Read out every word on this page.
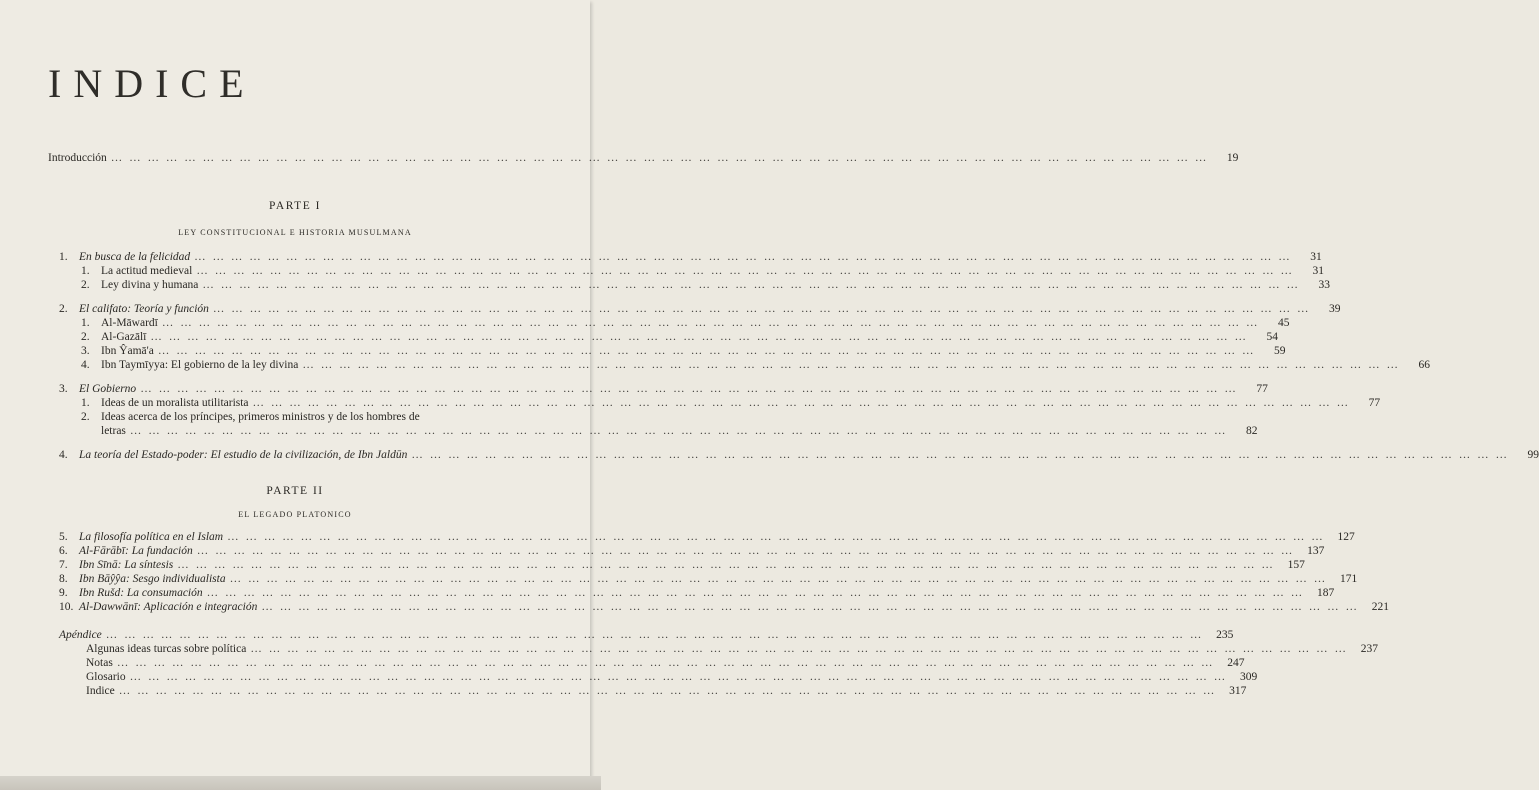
INDICE
Introducción … … … … … … … … … … … … … … … … … … … … … … … … … … … … … … … … … … … … … … … … … … … … … … … … … … … … … … … … … … … …	19
PARTE I
LEY CONSTITUCIONAL E HISTORIA MUSULMANA
1. En busca de la felicidad … … … … … … … … … … … … … … … … … … … … … … … … … … … … … … … … … … … … … … … … … … … … … … … … … … … … … … … … … … … …	31
1. La actitud medieval … … … … … … … … … … … … … … … … … … … … … … … … … … … … … … … … … … … … … … … … … … … … … … … … … … … … … … … … … … … …	31
2. Ley divina y humana … … … … … … … … … … … … … … … … … … … … … … … … … … … … … … … … … … … … … … … … … … … … … … … … … … … … … … … … … … … …	33
2. El califato: Teoría y función … … … … … … … … … … … … … … … … … … … … … … … … … … … … … … … … … … … … … … … … … … … … … … … … … … … … … … … … … … … …	39
1. Al-Māwardī … … … … … … … … … … … … … … … … … … … … … … … … … … … … … … … … … … … … … … … … … … … … … … … … … … … … … … … … … … … …	45
2. Al-Gazālī … … … … … … … … … … … … … … … … … … … … … … … … … … … … … … … … … … … … … … … … … … … … … … … … … … … … … … … … … … … …	54
3. Ibn Ŷamā'a … … … … … … … … … … … … … … … … … … … … … … … … … … … … … … … … … … … … … … … … … … … … … … … … … … … … … … … … … … … …	59
4. Ibn Taymīyya: El gobierno de la ley divina … … … … … … … … … … … … … … … … … … … … … … … … … … … … … … … … … … … … … … … … … … … … … … … … … … … … … … … … … … … …	66
3. El Gobierno … … … … … … … … … … … … … … … … … … … … … … … … … … … … … … … … … … … … … … … … … … … … … … … … … … … … … … … … … … … …	77
1. Ideas de un moralista utilitarista … … … … … … … … … … … … … … … … … … … … … … … … … … … … … … … … … … … … … … … … … … … … … … … … … … … … … … … … … … … …	77
2. Ideas acerca de los príncipes, primeros ministros y de los hombres de
letras … … … … … … … … … … … … … … … … … … … … … … … … … … … … … … … … … … … … … … … … … … … … … … … … … … … … … … … … … … … …	82
4. La teoría del Estado-poder: El estudio de la civilización, de Ibn Jaldūn … … … … … … … … … … … … … … … … … … … … … … … … … … … … … … … … … … … … … … … … … … … … … … … … … … … … … … … … … … … …	99
PARTE II
EL LEGADO PLATONICO
5. La filosofía política en el Islam … … … … … … … … … … … … … … … … … … … … … … … … … … … … … … … … … … … … … … … … … … … … … … … … … … … … … … … … … … … …	127
6. Al-Fārābī: La fundación … … … … … … … … … … … … … … … … … … … … … … … … … … … … … … … … … … … … … … … … … … … … … … … … … … … … … … … … … … … …	137
7. Ibn Sīnā: La síntesis … … … … … … … … … … … … … … … … … … … … … … … … … … … … … … … … … … … … … … … … … … … … … … … … … … … … … … … … … … … …	157
8. Ibn Bāŷŷa: Sesgo individualista … … … … … … … … … … … … … … … … … … … … … … … … … … … … … … … … … … … … … … … … … … … … … … … … … … … … … … … … … … … …	171
9. Ibn Rušd: La consumación … … … … … … … … … … … … … … … … … … … … … … … … … … … … … … … … … … … … … … … … … … … … … … … … … … … … … … … … … … … …	187
10. Al-Dawwānī: Aplicación e integración … … … … … … … … … … … … … … … … … … … … … … … … … … … … … … … … … … … … … … … … … … … … … … … … … … … … … … … … … … … …	221
Apéndice … … … … … … … … … … … … … … … … … … … … … … … … … … … … … … … … … … … … … … … … … … … … … … … … … … … … … … … … … … … …	235
Algunas ideas turcas sobre política … … … … … … … … … … … … … … … … … … … … … … … … … … … … … … … … … … … … … … … … … … … … … … … … … … … … … … … … … … … …	237
Notas … … … … … … … … … … … … … … … … … … … … … … … … … … … … … … … … … … … … … … … … … … … … … … … … … … … … … … … … … … … …	247
Glosario … … … … … … … … … … … … … … … … … … … … … … … … … … … … … … … … … … … … … … … … … … … … … … … … … … … … … … … … … … … …	309
Indice … … … … … … … … … … … … … … … … … … … … … … … … … … … … … … … … … … … … … … … … … … … … … … … … … … … … … … … … … … … …	317
